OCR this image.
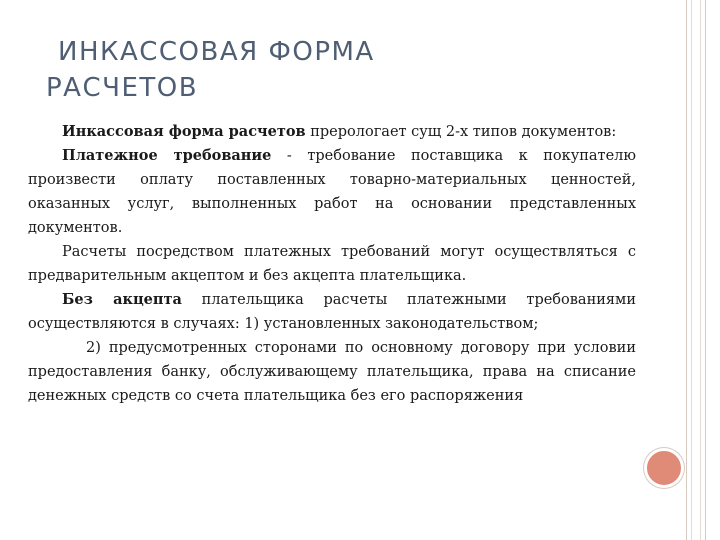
ИНКАССОВАЯ ФОРМА
РАСЧЕТОВ

Инкассовая форма расчетов прерологает сущ 2-х типов документов:

Платежное требование - требование поставщика к покупателю произвести оплату поставленных товарно-материальных ценностей, оказанных услуг, выполненных работ на основании представленных документов.

Расчеты посредством платежных требований могут осуществляться с предварительным акцептом и без акцепта плательщика.

Без акцепта плательщика расчеты платежными требованиями осуществляются в случаях: 1) установленных законодательством;

2) предусмотренных сторонами по основному договору при условии предоставления банку, обслуживающему плательщика, права на списание денежных средств со счета плательщика без его распоряжения
